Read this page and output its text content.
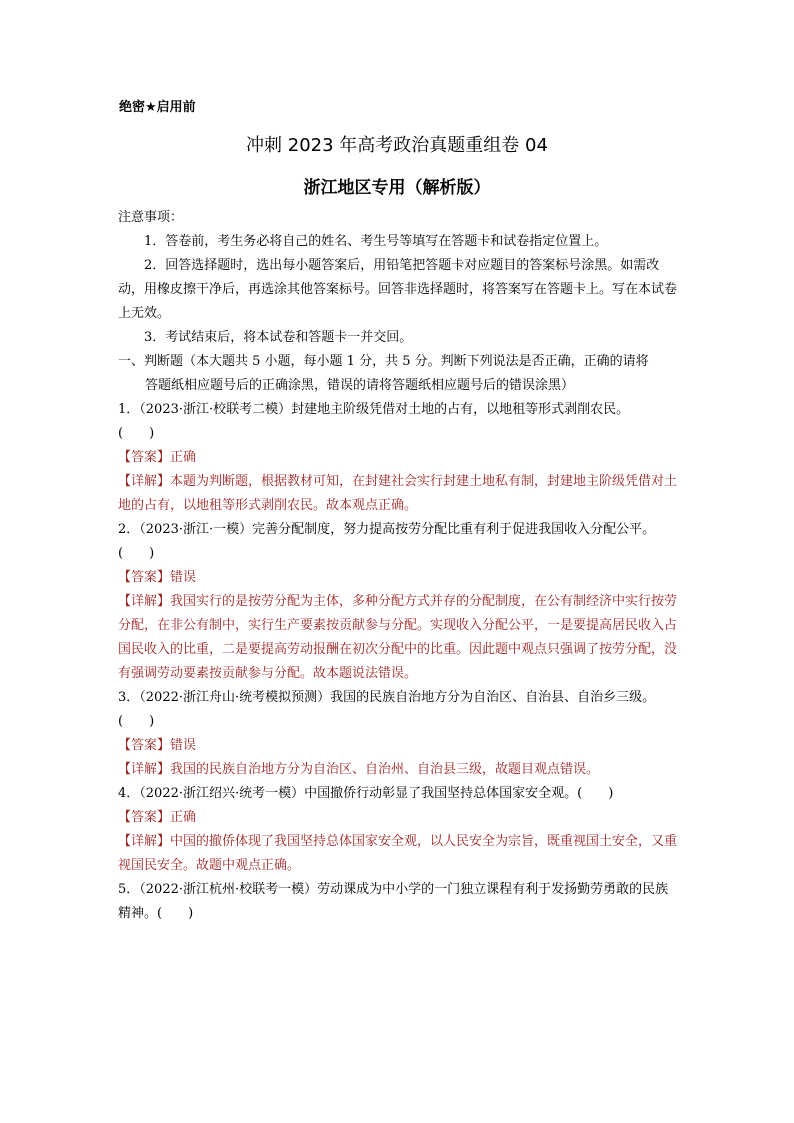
绝密★启用前
冲刺 2023 年高考政治真题重组卷 04
浙江地区专用（解析版）

注意事项：

1．答卷前，考生务必将自己的姓名、考生号等填写在答题卡和试卷指定位置上。

2．回答选择题时，选出每小题答案后，用铅笔把答题卡对应题目的答案标号涂黑。如需改动，用橡皮擦干净后，再选涂其他答案标号。回答非选择题时，将答案写在答题卡上。写在本试卷上无效。

3．考试结束后，将本试卷和答题卡一并交回。

一、判断题（本大题共 5 小题，每小题 1 分，共 5 分。判断下列说法是否正确，正确的请将

答题纸相应题号后的正确涂黑，错误的请将答题纸相应题号后的错误涂黑）

1．（2023·浙江·校联考二模）封建地主阶级凭借对土地的占有，以地租等形式剥削农民。

(　　)

【答案】正确

【详解】本题为判断题，根据教材可知，在封建社会实行封建土地私有制，封建地主阶级凭借对土地的占有，以地租等形式剥削农民。故本观点正确。

2．（2023·浙江·一模）完善分配制度，努力提高按劳分配比重有利于促进我国收入分配公平。

(　　)

【答案】错误

【详解】我国实行的是按劳分配为主体，多种分配方式并存的分配制度，在公有制经济中实行按劳分配，在非公有制中，实行生产要素按贡献参与分配。实现收入分配公平，一是要提高居民收入占国民收入的比重，二是要提高劳动报酬在初次分配中的比重。因此题中观点只强调了按劳分配，没有强调劳动要素按贡献参与分配。故本题说法错误。

3．（2022·浙江舟山·统考模拟预测）我国的民族自治地方分为自治区、自治县、自治乡三级。

(　　)

【答案】错误

【详解】我国的民族自治地方分为自治区、自治州、自治县三级，故题目观点错误。

4．（2022·浙江绍兴·统考一模）中国撤侨行动彰显了我国坚持总体国家安全观。(　　)

【答案】正确

【详解】中国的撤侨体现了我国坚持总体国家安全观，以人民安全为宗旨，既重视国土安全，又重视国民安全。故题中观点正确。

5．（2022·浙江杭州·校联考一模）劳动课成为中小学的一门独立课程有利于发扬勤劳勇敢的民族精神。(　　)
